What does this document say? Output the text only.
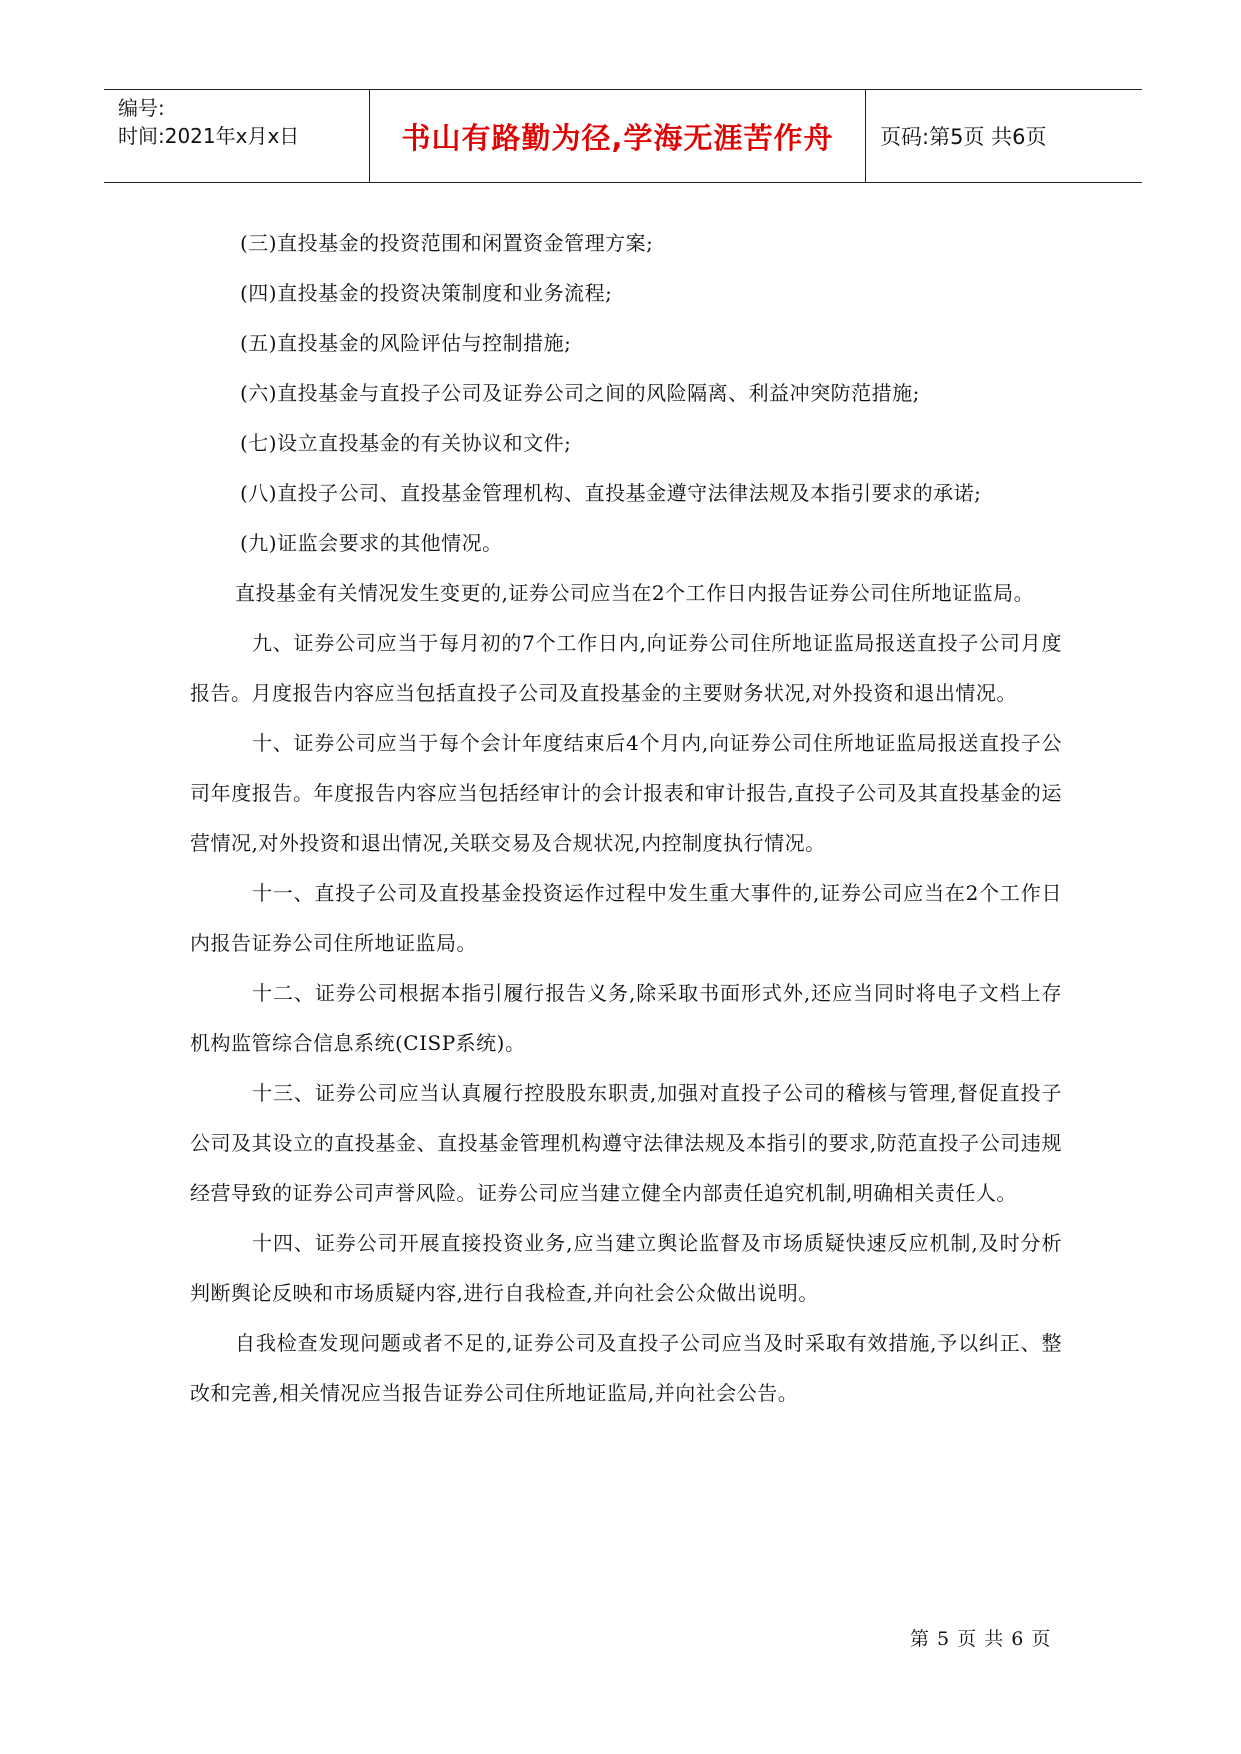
编号:
时间:2021年x月x日	书山有路勤为径,学海无涯苦作舟	页码:第5页 共6页

(三)直投基金的投资范围和闲置资金管理方案;

(四)直投基金的投资决策制度和业务流程;

(五)直投基金的风险评估与控制措施;

(六)直投基金与直投子公司及证券公司之间的风险隔离、利益冲突防范措施;

(七)设立直投基金的有关协议和文件;

(八)直投子公司、直投基金管理机构、直投基金遵守法律法规及本指引要求的承诺;

(九)证监会要求的其他情况。

直投基金有关情况发生变更的,证券公司应当在2个工作日内报告证券公司住所地证监局。

九、证券公司应当于每月初的7个工作日内,向证券公司住所地证监局报送直投子公司月度报告。月度报告内容应当包括直投子公司及直投基金的主要财务状况,对外投资和退出情况。

十、证券公司应当于每个会计年度结束后4个月内,向证券公司住所地证监局报送直投子公司年度报告。年度报告内容应当包括经审计的会计报表和审计报告,直投子公司及其直投基金的运营情况,对外投资和退出情况,关联交易及合规状况,内控制度执行情况。

十一、直投子公司及直投基金投资运作过程中发生重大事件的,证券公司应当在2个工作日内报告证券公司住所地证监局。

十二、证券公司根据本指引履行报告义务,除采取书面形式外,还应当同时将电子文档上存机构监管综合信息系统(CISP系统)。

十三、证券公司应当认真履行控股股东职责,加强对直投子公司的稽核与管理,督促直投子公司及其设立的直投基金、直投基金管理机构遵守法律法规及本指引的要求,防范直投子公司违规经营导致的证券公司声誉风险。证券公司应当建立健全内部责任追究机制,明确相关责任人。

十四、证券公司开展直接投资业务,应当建立舆论监督及市场质疑快速反应机制,及时分析判断舆论反映和市场质疑内容,进行自我检查,并向社会公众做出说明。

自我检查发现问题或者不足的,证券公司及直投子公司应当及时采取有效措施,予以纠正、整改和完善,相关情况应当报告证券公司住所地证监局,并向社会公告。

第 5 页 共 6 页
